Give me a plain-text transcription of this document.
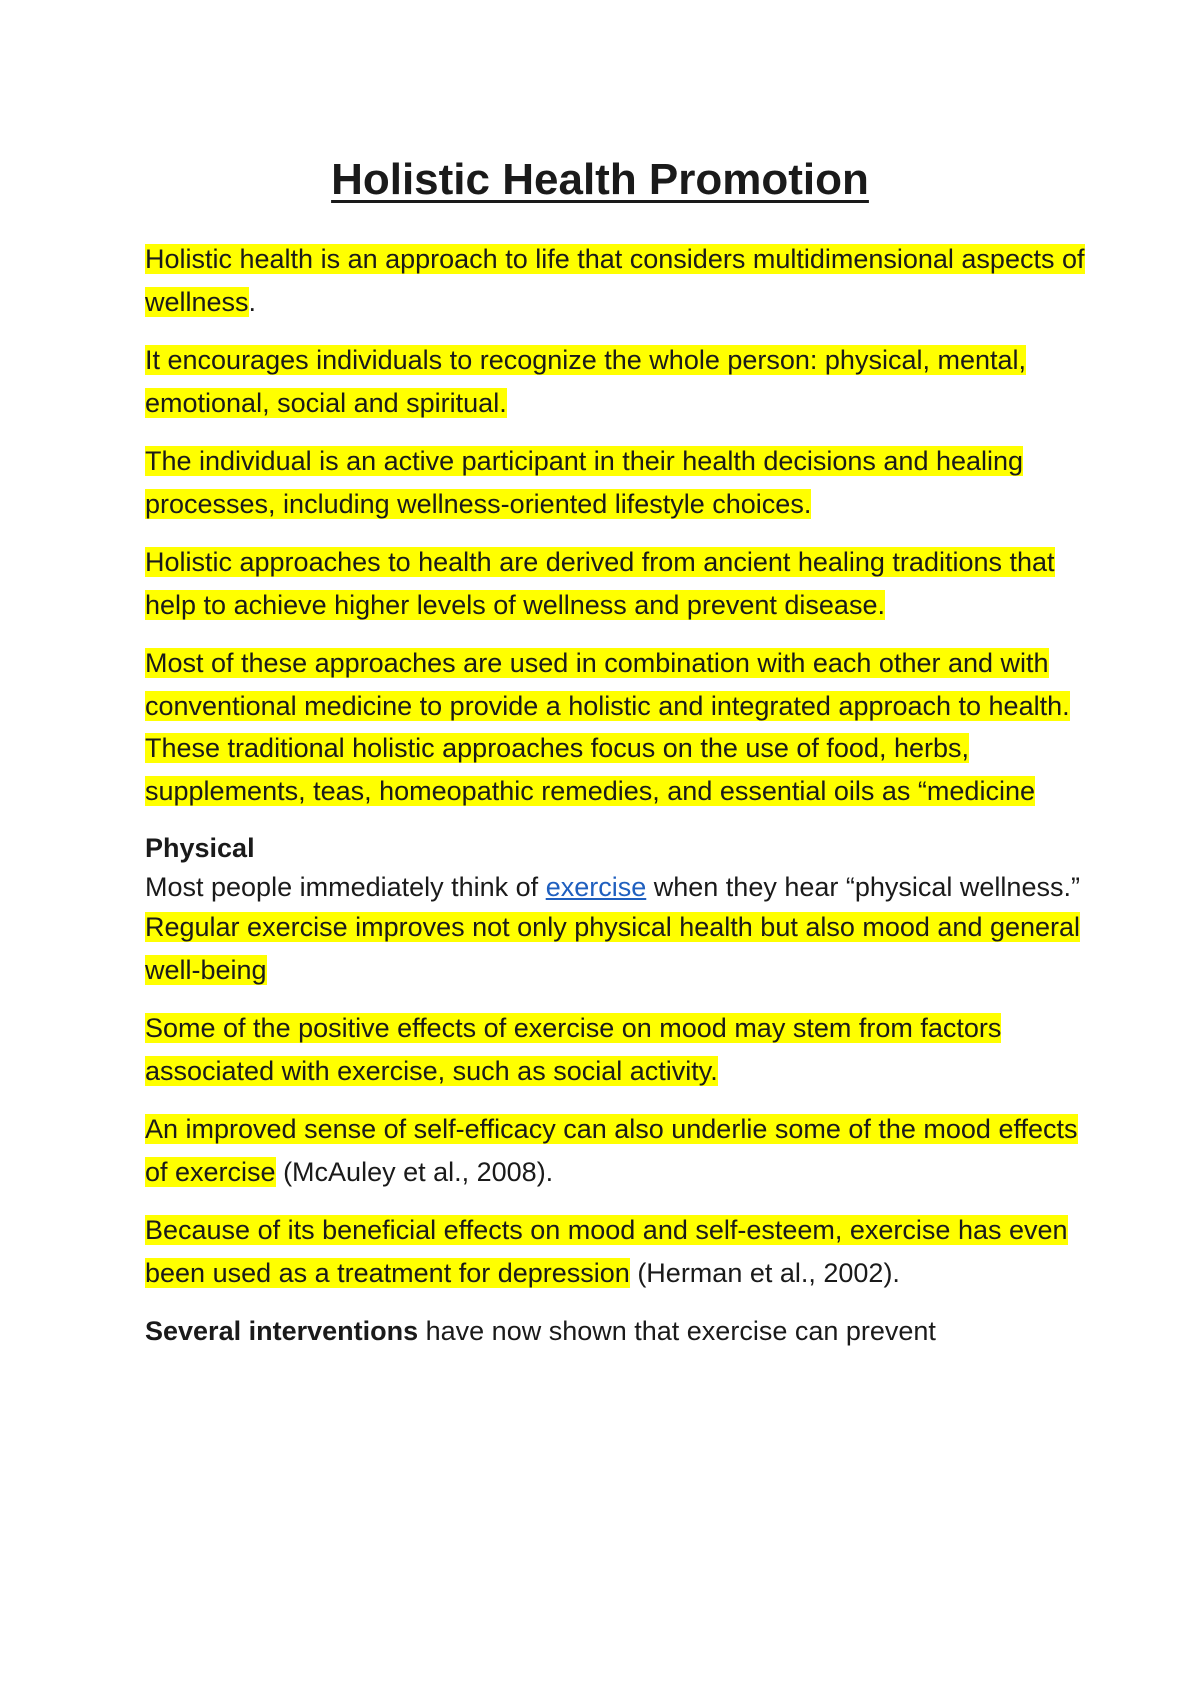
Holistic Health Promotion

Holistic health is an approach to life that considers multidimensional aspects of wellness.

It encourages individuals to recognize the whole person: physical, mental, emotional, social and spiritual.

The individual is an active participant in their health decisions and healing processes, including wellness-oriented lifestyle choices.

Holistic approaches to health are derived from ancient healing traditions that help to achieve higher levels of wellness and prevent disease.

Most of these approaches are used in combination with each other and with conventional medicine to provide a holistic and integrated approach to health. These traditional holistic approaches focus on the use of food, herbs, supplements, teas, homeopathic remedies, and essential oils as “medicine

Physical

Most people immediately think of exercise when they hear “physical wellness.”

Regular exercise improves not only physical health but also mood and general well-being

Some of the positive effects of exercise on mood may stem from factors associated with exercise, such as social activity.

An improved sense of self-efficacy can also underlie some of the mood effects of exercise (McAuley et al., 2008).

Because of its beneficial effects on mood and self-esteem, exercise has even been used as a treatment for depression (Herman et al., 2002).

Several interventions have now shown that exercise can prevent
